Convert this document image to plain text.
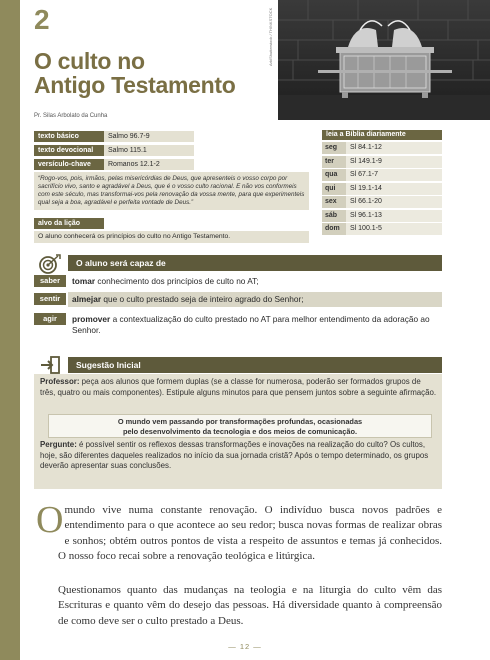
2
O culto no
Antigo Testamento
Pr. Silas Arbolato da Cunha
Ark/Shutterstock / THINKSTOCK
texto básico	Salmo 96.7-9
texto devocional	Salmo 115.1
versículo-chave	Romanos 12.1-2
“Rogo-vos, pois, irmãos, pelas misericórdias de Deus, que apresenteis o vosso corpo por sacrifício vivo, santo e agradável a Deus, que é o vosso culto racional. E não vos conformeis com este século, mas transformai-vos pela renovação da vossa mente, para que experimenteis qual seja a boa, agradável e perfeita vontade de Deus.”
alvo da lição
O aluno conhecerá os princípios do culto no Antigo Testamento.
leia a Bíblia diariamente
seg	Sl 84.1-12
ter	Sl 149.1-9
qua	Sl 67.1-7
qui	Sl 19.1-14
sex	Sl 66.1-20
sáb	Sl 96.1-13
dom	Sl 100.1-5
O aluno será capaz de
saber	tomar conhecimento dos princípios de culto no AT;
sentir	almejar que o culto prestado seja de inteiro agrado do Senhor;
agir	promover a contextualização do culto prestado no AT para melhor entendimento da adoração ao Senhor.
Sugestão Inicial
Professor: peça aos alunos que formem duplas (se a classe for numerosa, poderão ser formados grupos de três, quatro ou mais componentes). Estipule alguns minutos para que pensem juntos sobre a seguinte afirmação.
O mundo vem passando por transformações profundas, ocasionadas
pelo desenvolvimento da tecnologia e dos meios de comunicação.
Pergunte: é possível sentir os reflexos dessas transformações e inovações na realização do culto? Os cultos, hoje, são diferentes daqueles realizados no início da sua jornada cristã? Após o tempo determinado, os grupos deverão apresentar suas conclusões.
Omundo vive numa constante renovação. O indivíduo busca novos padrões e entendimento para o que acontece ao seu redor; busca novas formas de realizar obras e sonhos; obtém outros pontos de vista a respeito de assuntos e temas já conhecidos. O nosso foco recai sobre a renovação teológica e litúrgica.
Questionamos quanto das mudanças na teologia e na liturgia do culto vêm das Escrituras e quanto vêm do desejo das pessoas. Há diversidade quanto à compreensão de como deve ser o culto prestado a Deus.
— 12 —
